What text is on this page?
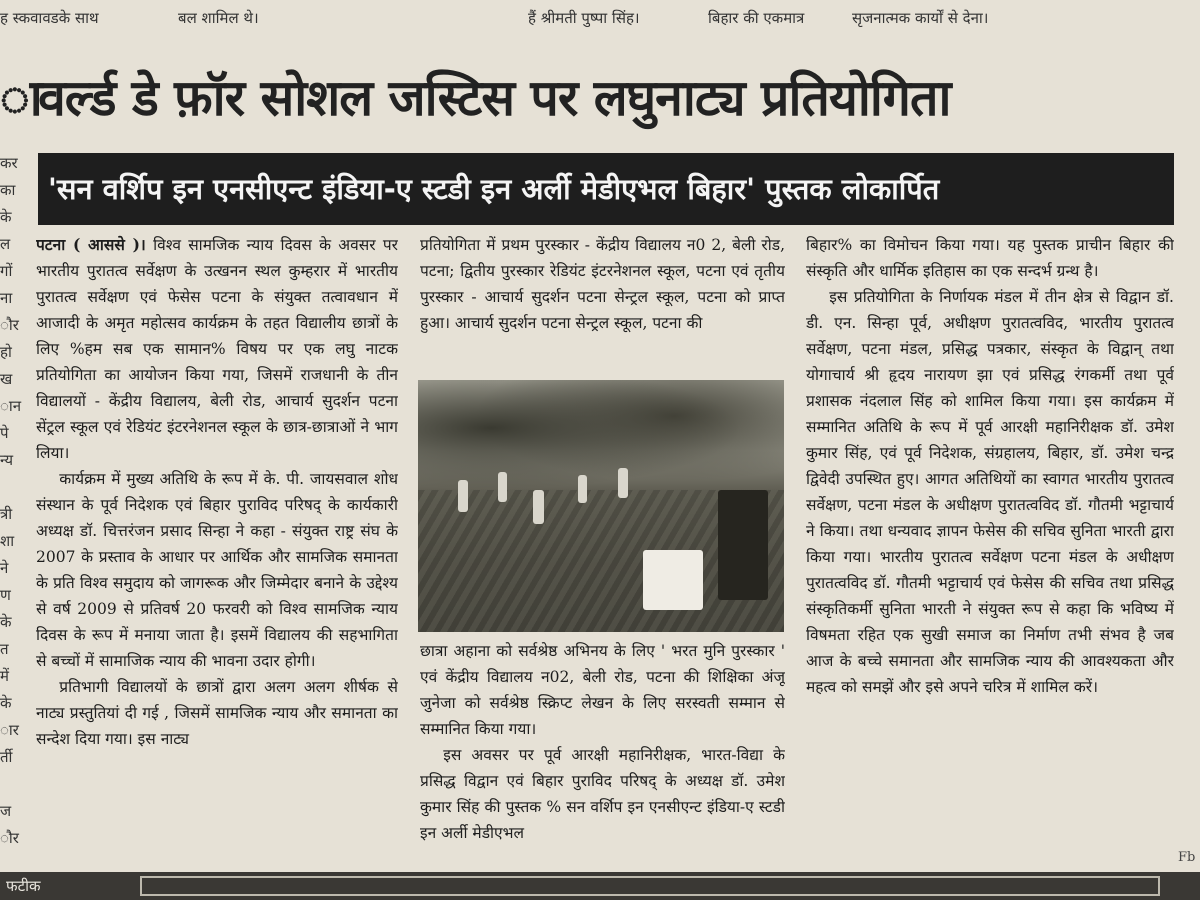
ह स्कवावडके साथ	बल शामिल थे।	हैं श्रीमती पुष्पा सिंह।	बिहार की एकमात्र	सृजनात्मक कार्यों से देना।
ा
वर्ल्ड डे फ़ॉर सोशल जस्टिस पर लघुनाट्य प्रतियोगिता
'सन वर्शिप इन एनसीएन्ट इंडिया-ए स्टडी इन अर्ली मेडीएभल बिहार' पुस्तक लोकार्पित
कर
का
के
ल
गों
ना
ौर
हो
ख
ान
पे
न्य

त्री
शा
ने
ण
के
त
में
के
ार
र्ती

ज
ौर
Fb

पटना ( आससे )। विश्व सामजिक न्याय दिवस के अवसर पर भारतीय पुरातत्व सर्वेक्षण के उत्खनन स्थल कुम्हरार में भारतीय पुरातत्व सर्वेक्षण एवं फेसेस पटना के संयुक्त तत्वावधान में आजादी के अमृत महोत्सव कार्यक्रम के तहत विद्यालीय छात्रों के लिए %हम सब एक सामान% विषय पर एक लघु नाटक प्रतियोगिता का आयोजन किया गया, जिसमें राजधानी के तीन विद्यालयों - केंद्रीय विद्यालय, बेली रोड, आचार्य सुदर्शन पटना सेंट्रल स्कूल एवं रेडियंट इंटरनेशनल स्कूल के छात्र-छात्राओं ने भाग लिया।

कार्यक्रम में मुख्य अतिथि के रूप में के. पी. जायसवाल शोध संस्थान के पूर्व निदेशक एवं बिहार पुराविद परिषद् के कार्यकारी अध्यक्ष डॉ. चित्तरंजन प्रसाद सिन्हा ने कहा - संयुक्त राष्ट्र संघ के 2007 के प्रस्ताव के आधार पर आर्थिक और सामजिक समानता के प्रति विश्व समुदाय को जागरूक और जिम्मेदार बनाने के उद्देश्य से वर्ष 2009 से प्रतिवर्ष 20 फरवरी को विश्व सामजिक न्याय दिवस के रूप में मनाया जाता है। इसमें विद्यालय की सहभागिता से बच्चों में सामाजिक न्याय की भावना उदार होगी।

प्रतिभागी विद्यालयों के छात्रों द्वारा अलग अलग शीर्षक से नाट्य प्रस्तुतियां दी गई , जिसमें सामजिक न्याय और समानता का सन्देश दिया गया। इस नाट्य

प्रतियोगिता में प्रथम पुरस्कार - केंद्रीय विद्यालय न0 2, बेली रोड, पटना; द्वितीय पुरस्कार रेडियंट इंटरनेशनल स्कूल, पटना एवं तृतीय पुरस्कार - आचार्य सुदर्शन पटना सेन्ट्रल स्कूल, पटना को प्राप्त हुआ। आचार्य सुदर्शन पटना सेन्ट्रल स्कूल, पटना की

छात्रा अहाना को सर्वश्रेष्ठ अभिनय के लिए ' भरत मुनि पुरस्कार ' एवं केंद्रीय विद्यालय न02, बेली रोड, पटना की शिक्षिका अंजू जुनेजा को सर्वश्रेष्ठ स्क्रिप्ट लेखन के लिए सरस्वती सम्मान से सम्मानित किया गया।

इस अवसर पर पूर्व आरक्षी महानिरीक्षक, भारत-विद्या के प्रसिद्ध विद्वान एवं बिहार पुराविद परिषद् के अध्यक्ष डॉ. उमेश कुमार सिंह की पुस्तक % सन वर्शिप इन एनसीएन्ट इंडिया-ए स्टडी इन अर्ली मेडीएभल

बिहार% का विमोचन किया गया। यह पुस्तक प्राचीन बिहार की संस्कृति और धार्मिक इतिहास का एक सन्दर्भ ग्रन्थ है।

इस प्रतियोगिता के निर्णायक मंडल में तीन क्षेत्र से विद्वान डॉ. डी. एन. सिन्हा पूर्व, अधीक्षण पुरातत्वविद, भारतीय पुरातत्व सर्वेक्षण, पटना मंडल, प्रसिद्ध पत्रकार, संस्कृत के विद्वान् तथा योगाचार्य श्री हृदय नारायण झा एवं प्रसिद्ध रंगकर्मी तथा पूर्व प्रशासक नंदलाल सिंह को शामिल किया गया। इस कार्यक्रम में सम्मानित अतिथि के रूप में पूर्व आरक्षी महानिरीक्षक डॉ. उमेश कुमार सिंह, एवं पूर्व निदेशक, संग्रहालय, बिहार, डॉ. उमेश चन्द्र द्विवेदी उपस्थित हुए। आगत अतिथियों का स्वागत भारतीय पुरातत्व सर्वेक्षण, पटना मंडल के अधीक्षण पुरातत्वविद डॉ. गौतमी भट्टाचार्य ने किया। तथा धन्यवाद ज्ञापन फेसेस की सचिव सुनिता भारती द्वारा किया गया। भारतीय पुरातत्व सर्वेक्षण पटना मंडल के अधीक्षण पुरातत्वविद डॉ. गौतमी भट्टाचार्य एवं फेसेस की सचिव तथा प्रसिद्ध संस्कृतिकर्मी सुनिता भारती ने संयुक्त रूप से कहा कि भविष्य में विषमता रहित एक सुखी समाज का निर्माण तभी संभव है जब आज के बच्चे समानता और सामजिक न्याय की आवश्यकता और महत्व को समझें और इसे अपने चरित्र में शामिल करें।

फटीक
